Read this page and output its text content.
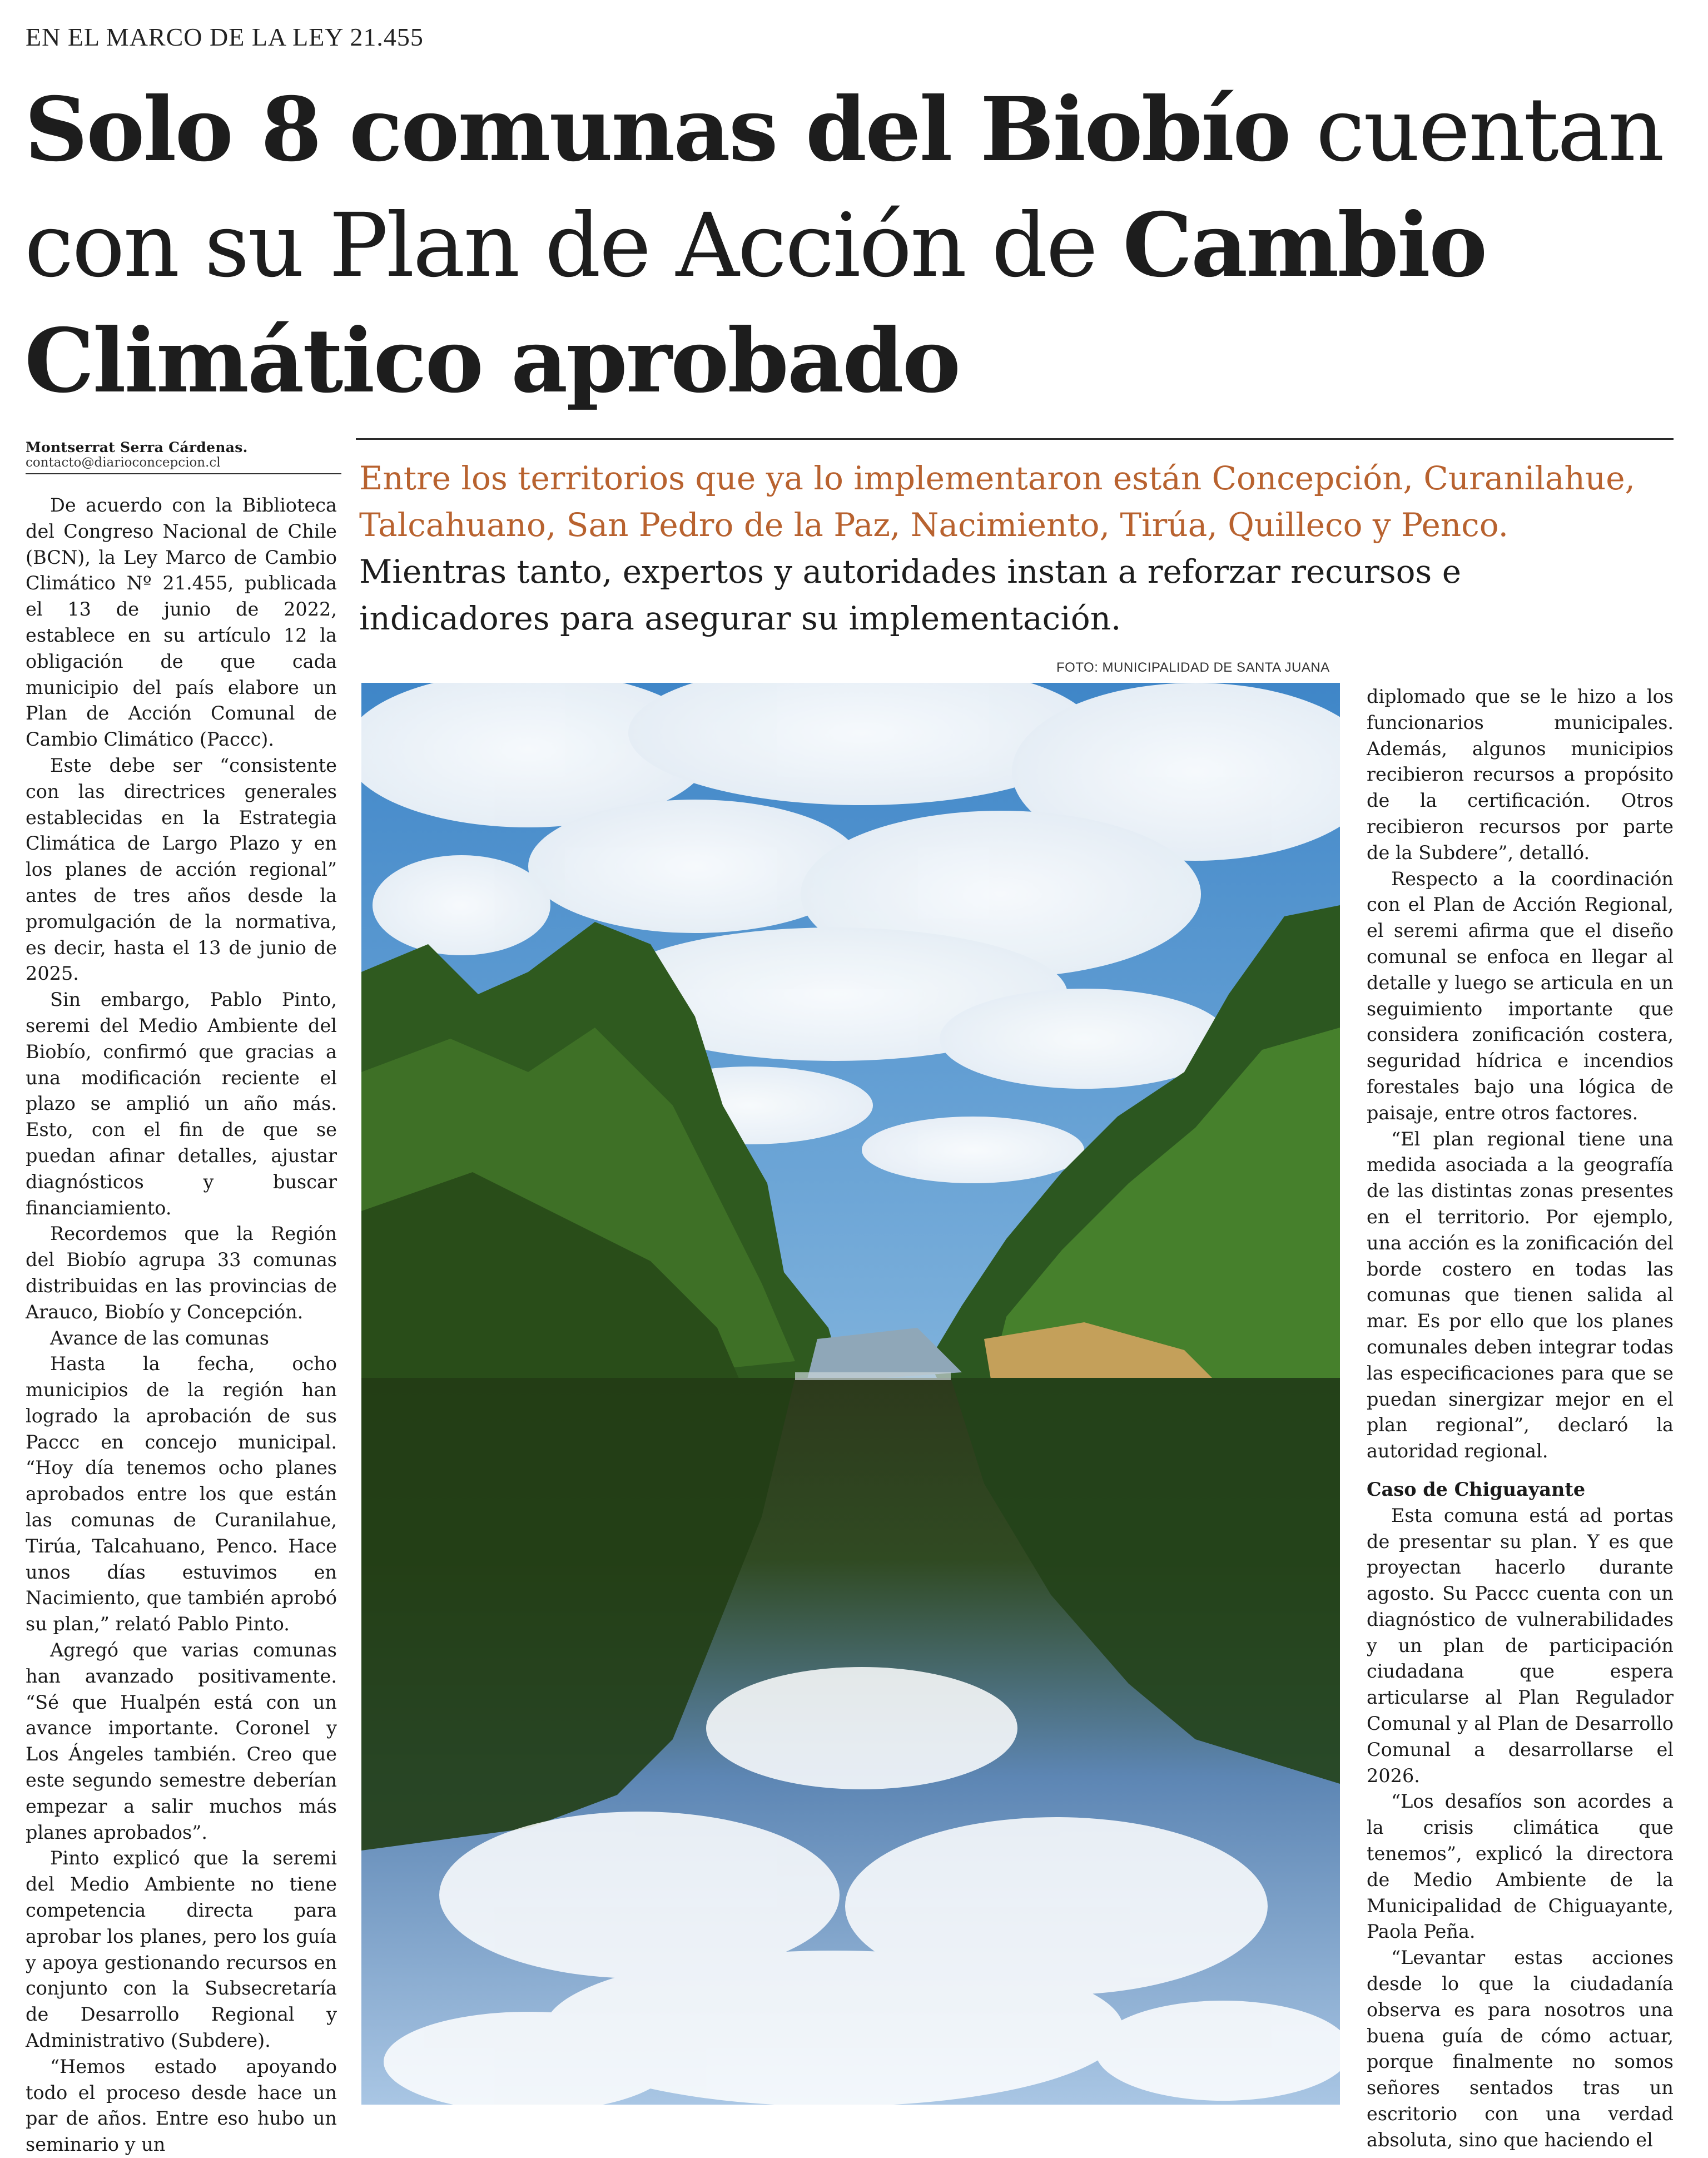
EN EL MARCO DE LA LEY 21.455
Solo 8 comunas del Biobío cuentan con su Plan de Acción de Cambio Climático aprobado
Montserrat Serra Cárdenas.
contacto@diarioconcepcion.cl	Entre los territorios que ya lo implementaron están Concepción, Curanilahue, Talcahuano, San Pedro de la Paz, Nacimiento, Tirúa, Quilleco y Penco. Mientras tanto, expertos y autoridades instan a reforzar recursos e indicadores para asegurar su implementación.
FOTO: MUNICIPALIDAD DE SANTA JUANA

De acuerdo con la Biblioteca del Congreso Nacional de Chile (BCN), la Ley Marco de Cambio Climático Nº 21.455, publicada el 13 de junio de 2022, establece en su artículo 12 la obligación de que cada municipio del país elabore un Plan de Acción Comunal de Cambio Climático (Paccc).

Este debe ser “consistente con las directrices generales establecidas en la Estrategia Climática de Largo Plazo y en los planes de acción regional” antes de tres años desde la promulgación de la normativa, es decir, hasta el 13 de junio de 2025.

Sin embargo, Pablo Pinto, seremi del Medio Ambiente del Biobío, confirmó que gracias a una modificación reciente el plazo se amplió un año más. Esto, con el fin de que se puedan afinar detalles, ajustar diagnósticos y buscar financiamiento.

Recordemos que la Región del Biobío agrupa 33 comunas distribuidas en las provincias de Arauco, Biobío y Concepción.

Avance de las comunas

Hasta la fecha, ocho municipios de la región han logrado la aprobación de sus Paccc en concejo municipal. “Hoy día tenemos ocho planes aprobados entre los que están las comunas de Curanilahue, Tirúa, Talcahuano, Penco. Hace unos días estuvimos en Nacimiento, que también aprobó su plan,” relató Pablo Pinto.

Agregó que varias comunas han avanzado positivamente. “Sé que Hualpén está con un avance importante. Coronel y Los Ángeles también. Creo que este segundo semestre deberían empezar a salir muchos más planes aprobados”.

Pinto explicó que la seremi del Medio Ambiente no tiene competencia directa para aprobar los planes, pero los guía y apoya gestionando recursos en conjunto con la Subsecretaría de Desarrollo Regional y Administrativo (Subdere).

“Hemos estado apoyando todo el proceso desde hace un par de años. Entre eso hubo un seminario y un

diplomado que se le hizo a los funcionarios municipales. Además, algunos municipios recibieron recursos a propósito de la certificación. Otros recibieron recursos por parte de la Subdere”, detalló.

Respecto a la coordinación con el Plan de Acción Regional, el seremi afirma que el diseño comunal se enfoca en llegar al detalle y luego se articula en un seguimiento importante que considera zonificación costera, seguridad hídrica e incendios forestales bajo una lógica de paisaje, entre otros factores.

“El plan regional tiene una medida asociada a la geografía de las distintas zonas presentes en el territorio. Por ejemplo, una acción es la zonificación del borde costero en todas las comunas que tienen salida al mar. Es por ello que los planes comunales deben integrar todas las especificaciones para que se puedan sinergizar mejor en el plan regional”, declaró la autoridad regional.

Caso de Chiguayante

Esta comuna está ad portas de presentar su plan. Y es que proyectan hacerlo durante agosto. Su Paccc cuenta con un diagnóstico de vulnerabilidades y un plan de participación ciudadana que espera articularse al Plan Regulador Comunal y al Plan de Desarrollo Comunal a desarrollarse el 2026.

“Los desafíos son acordes a la crisis climática que tenemos”, explicó la directora de Medio Ambiente de la Municipalidad de Chiguayante, Paola Peña.

“Levantar estas acciones desde lo que la ciudadanía observa es para nosotros una buena guía de cómo actuar, porque finalmente no somos señores sentados tras un escritorio con una verdad absoluta, sino que haciendo el
